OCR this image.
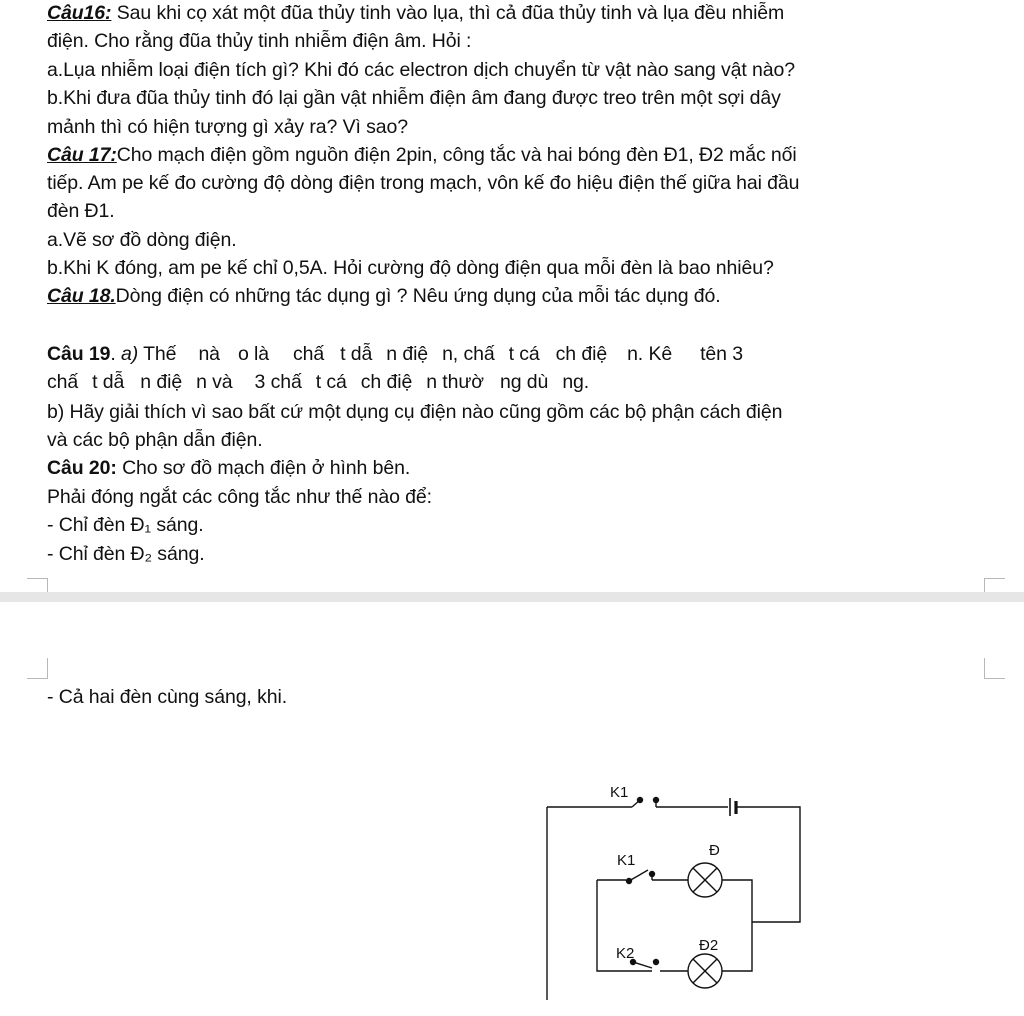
Câu16: Sau khi cọ xát một đũa thủy tinh vào lụa, thì cả đũa thủy tinh và lụa đều nhiễm
điện. Cho rằng đũa thủy tinh nhiễm điện âm. Hỏi :
a.Lụa nhiễm loại điện tích gì? Khi đó các electron dịch chuyển từ vật nào sang vật nào?
b.Khi đưa đũa thủy tinh đó lại gần vật nhiễm điện âm đang được treo trên một sợi dây
mảnh thì có hiện tượng gì xảy ra? Vì sao?
Câu 17:Cho mạch điện gồm nguồn điện 2pin, công tắc và hai bóng đèn Đ1, Đ2 mắc nối
tiếp. Am pe kế đo cường độ dòng điện trong mạch, vôn kế đo hiệu điện thế giữa hai đầu
đèn Đ1.
a.Vẽ sơ đồ dòng điện.
b.Khi K đóng, am pe kế chỉ 0,5A. Hỏi cường độ dòng điện qua mỗi đèn là bao nhiêu?
Câu 18.Dòng điện có những tác dụng gì ? Nêu ứng dụng của mỗi tác dụng đó.
Câu 19. a) Thế nà o là chấ t dẫ n điệ n, chấ t cá ch điệ n. Kê tên 3
chấ t dẫ n điệ n và 3 chấ t cá ch điệ n thườ ng dù ng.
b) Hãy giải thích vì sao bất cứ một dụng cụ điện nào cũng gồm các bộ phận cách điện
và các bộ phận dẫn điện.
Câu 20: Cho sơ đồ mạch điện ở hình bên.
Phải đóng ngắt các công tắc như thế nào để:
- Chỉ đèn Đ₁ sáng.
- Chỉ đèn Đ₂ sáng.
- Cả hai đèn cùng sáng, khi.
K1
K1
K2
Đ
Đ2
